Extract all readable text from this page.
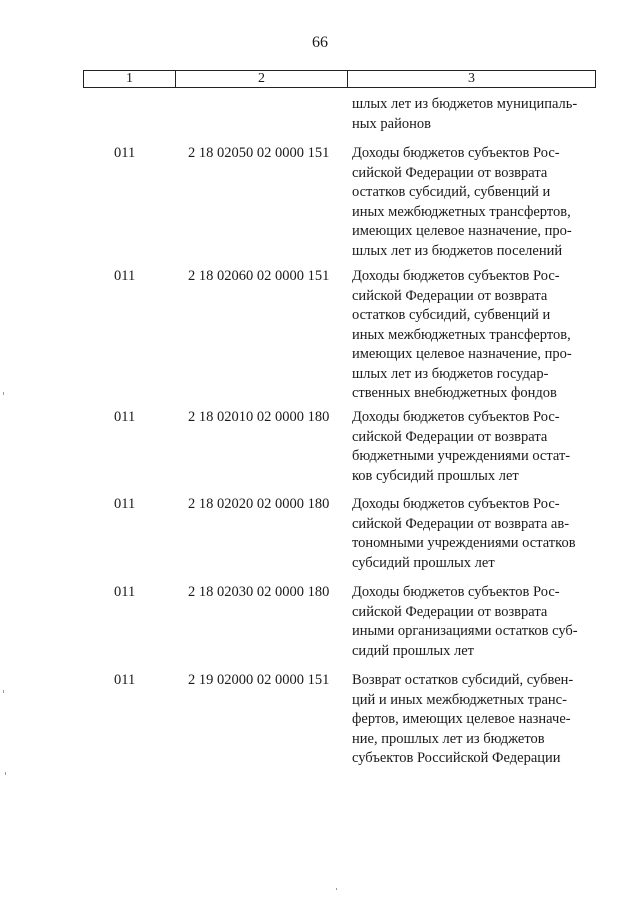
66
1	2	3
шлых лет из бюджетов муниципаль-
ных районов
011	2 18 02050 02 0000 151	Доходы бюджетов субъектов Рос-
сийской Федерации от возврата
остатков субсидий, субвенций и
иных межбюджетных трансфертов,
имеющих целевое назначение, про-
шлых лет из бюджетов поселений
011	2 18 02060 02 0000 151	Доходы бюджетов субъектов Рос-
сийской Федерации от возврата
остатков субсидий, субвенций и
иных межбюджетных трансфертов,
имеющих целевое назначение, про-
шлых лет из бюджетов государ-
ственных внебюджетных фондов
011	2 18 02010 02 0000 180	Доходы бюджетов субъектов Рос-
сийской Федерации от возврата
бюджетными учреждениями остат-
ков субсидий прошлых лет
011	2 18 02020 02 0000 180	Доходы бюджетов субъектов Рос-
сийской Федерации от возврата ав-
тономными учреждениями остатков
субсидий прошлых лет
011	2 18 02030 02 0000 180	Доходы бюджетов субъектов Рос-
сийской Федерации от возврата
иными организациями остатков суб-
сидий прошлых лет
011	2 19 02000 02 0000 151	Возврат остатков субсидий, субвен-
ций и иных межбюджетных транс-
фертов, имеющих целевое назначе-
ние, прошлых лет из бюджетов
субъектов Российской Федерации
